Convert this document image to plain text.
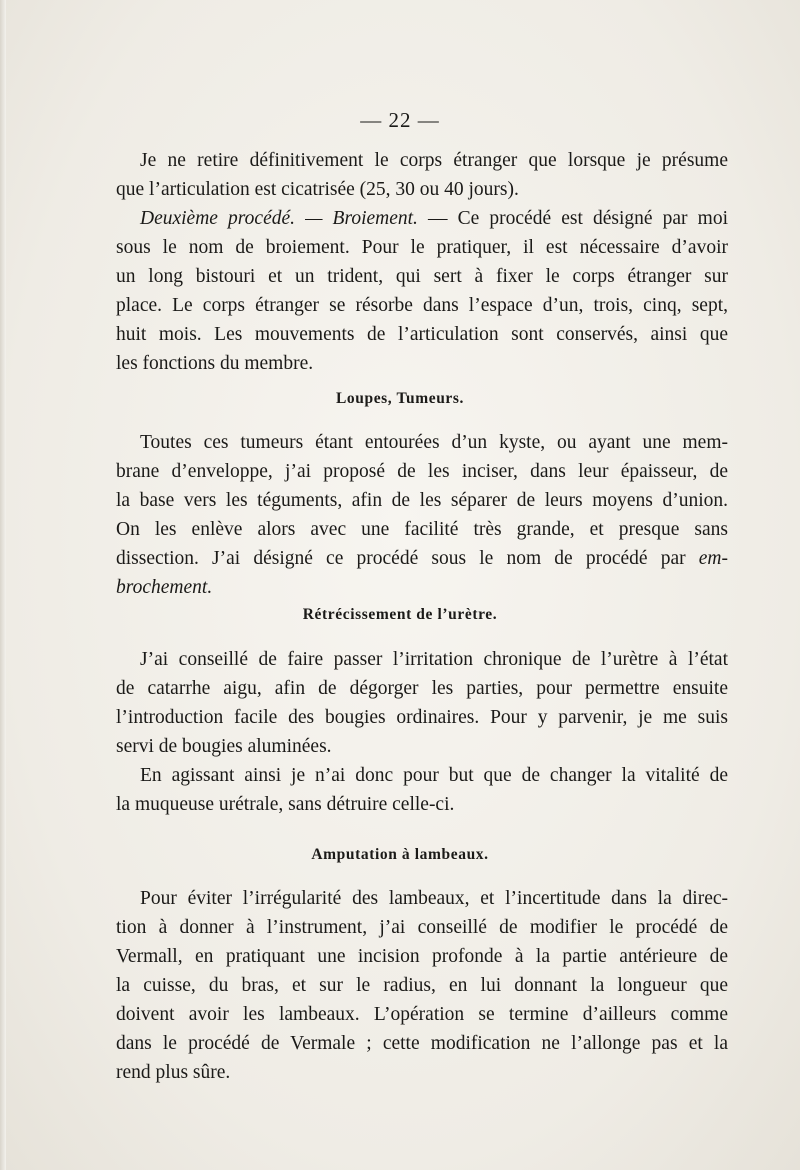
— 22 —
Je ne retire définitivement le corps étranger que lorsque je présume
que l’articulation est cicatrisée (25, 30 ou 40 jours).
Deuxième procédé. — Broiement. — Ce procédé est désigné par moi
sous le nom de broiement. Pour le pratiquer, il est nécessaire d’avoir
un long bistouri et un trident, qui sert à fixer le corps étranger sur
place. Le corps étranger se résorbe dans l’espace d’un, trois, cinq, sept,
huit mois. Les mouvements de l’articulation sont conservés, ainsi que
les fonctions du membre.
Loupes, Tumeurs.
Toutes ces tumeurs étant entourées d’un kyste, ou ayant une mem-
brane d’enveloppe, j’ai proposé de les inciser, dans leur épaisseur, de
la base vers les téguments, afin de les séparer de leurs moyens d’union.
On les enlève alors avec une facilité très grande, et presque sans
dissection. J’ai désigné ce procédé sous le nom de procédé par em-
brochement.
Rétrécissement de l’urètre.
J’ai conseillé de faire passer l’irritation chronique de l’urètre à l’état
de catarrhe aigu, afin de dégorger les parties, pour permettre ensuite
l’introduction facile des bougies ordinaires. Pour y parvenir, je me suis
servi de bougies aluminées.
En agissant ainsi je n’ai donc pour but que de changer la vitalité de
la muqueuse urétrale, sans détruire celle-ci.
Amputation à lambeaux.
Pour éviter l’irrégularité des lambeaux, et l’incertitude dans la direc-
tion à donner à l’instrument, j’ai conseillé de modifier le procédé de
Vermall, en pratiquant une incision profonde à la partie antérieure de
la cuisse, du bras, et sur le radius, en lui donnant la longueur que
doivent avoir les lambeaux. L’opération se termine d’ailleurs comme
dans le procédé de Vermale ; cette modification ne l’allonge pas et la
rend plus sûre.
